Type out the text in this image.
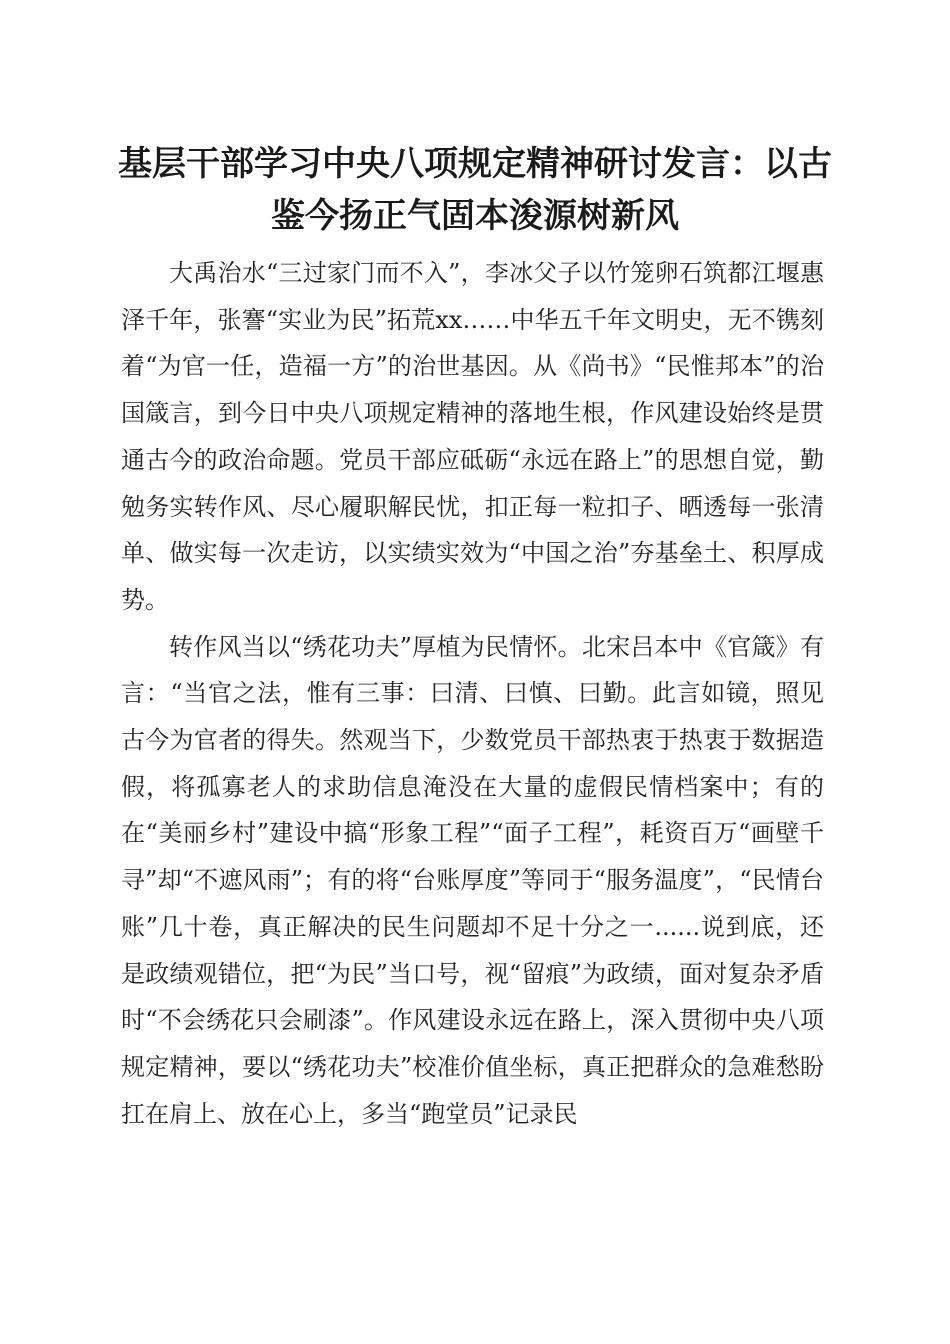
基层干部学习中央八项规定精神研讨发言：以古鉴今扬正气固本浚源树新风

大禹治水“三过家门而不入”，李冰父子以竹笼卵石筑都江堰惠泽千年，张謇“实业为民”拓荒xx……中华五千年文明史，无不镌刻着“为官一任，造福一方”的治世基因。从《尚书》“民惟邦本”的治国箴言，到今日中央八项规定精神的落地生根，作风建设始终是贯通古今的政治命题。党员干部应砥砺“永远在路上”的思想自觉，勤勉务实转作风、尽心履职解民忧，扣正每一粒扣子、晒透每一张清单、做实每一次走访，以实绩实效为“中国之治”夯基垒土、积厚成势。

转作风当以“绣花功夫”厚植为民情怀。北宋吕本中《官箴》有言：“当官之法，惟有三事：曰清、曰慎、曰勤。此言如镜，照见古今为官者的得失。然观当下，少数党员干部热衷于热衷于数据造假，将孤寡老人的求助信息淹没在大量的虚假民情档案中；有的在“美丽乡村”建设中搞“形象工程”“面子工程”，耗资百万“画壁千寻”却“不遮风雨”；有的将“台账厚度”等同于“服务温度”，“民情台账”几十卷，真正解决的民生问题却不足十分之一......说到底，还是政绩观错位，把“为民”当口号，视“留痕”为政绩，面对复杂矛盾时“不会绣花只会刷漆”。作风建设永远在路上，深入贯彻中央八项规定精神，要以“绣花功夫”校准价值坐标，真正把群众的急难愁盼扛在肩上、放在心上，多当“跑堂员”记录民
